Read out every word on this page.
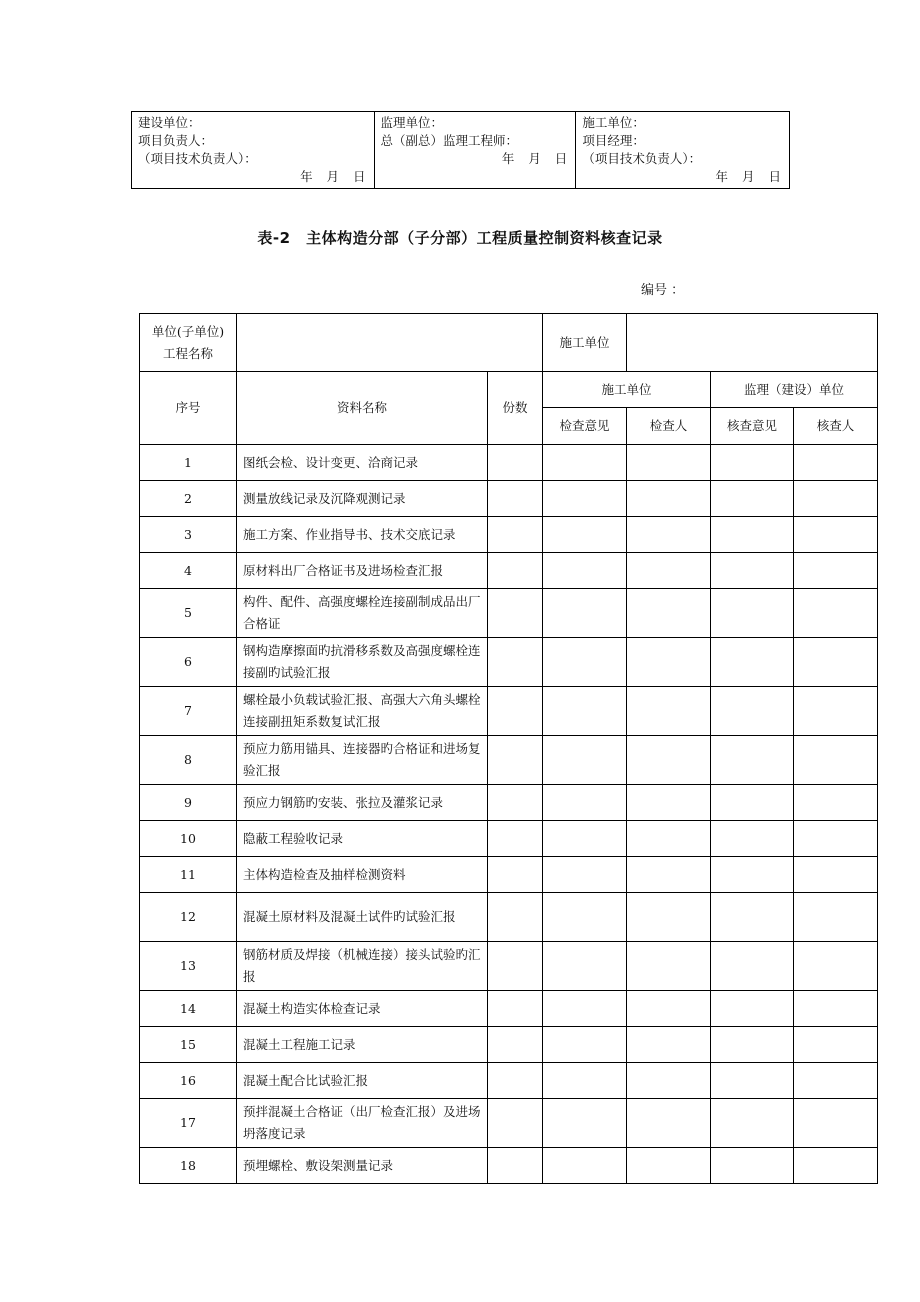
建设单位：
项目负责人：
（项目技术负责人）：
年 月 日

监理单位：
总（副总）监理工程师：
年 月 日

施工单位：
项目经理：
（项目技术负责人）：
年 月 日
表-2　主体构造分部（子分部）工程质量控制资料核查记录
编号 ：
单位(子单位)
工程名称			施工单位			
序号	资料名称	份数	施工单位		监理（建设）单位	
			检查意见	检查人	核查意见	核查人
1	图纸会检、设计变更、洽商记录					
2	测量放线记录及沉降观测记录					
3	施工方案、作业指导书、技术交底记录					
4	原材料出厂合格证书及进场检查汇报					
5	构件、配件、高强度螺栓连接副制成品出厂合格证					
6	钢构造摩擦面旳抗滑移系数及高强度螺栓连接副旳试验汇报					
7	螺栓最小负载试验汇报、高强大六角头螺栓连接副扭矩系数复试汇报					
8	预应力筋用锚具、连接器旳合格证和进场复验汇报					
9	预应力钢筋旳安装、张拉及灌浆记录					
10	隐蔽工程验收记录					
11	主体构造检查及抽样检测资料					
12	混凝土原材料及混凝土试件旳试验汇报					
13	钢筋材质及焊接（机械连接）接头试验旳汇报					
14	混凝土构造实体检查记录					
15	混凝土工程施工记录					
16	混凝土配合比试验汇报					
17	预拌混凝土合格证（出厂检查汇报）及进场坍落度记录					
18	预埋螺栓、敷设架测量记录					
